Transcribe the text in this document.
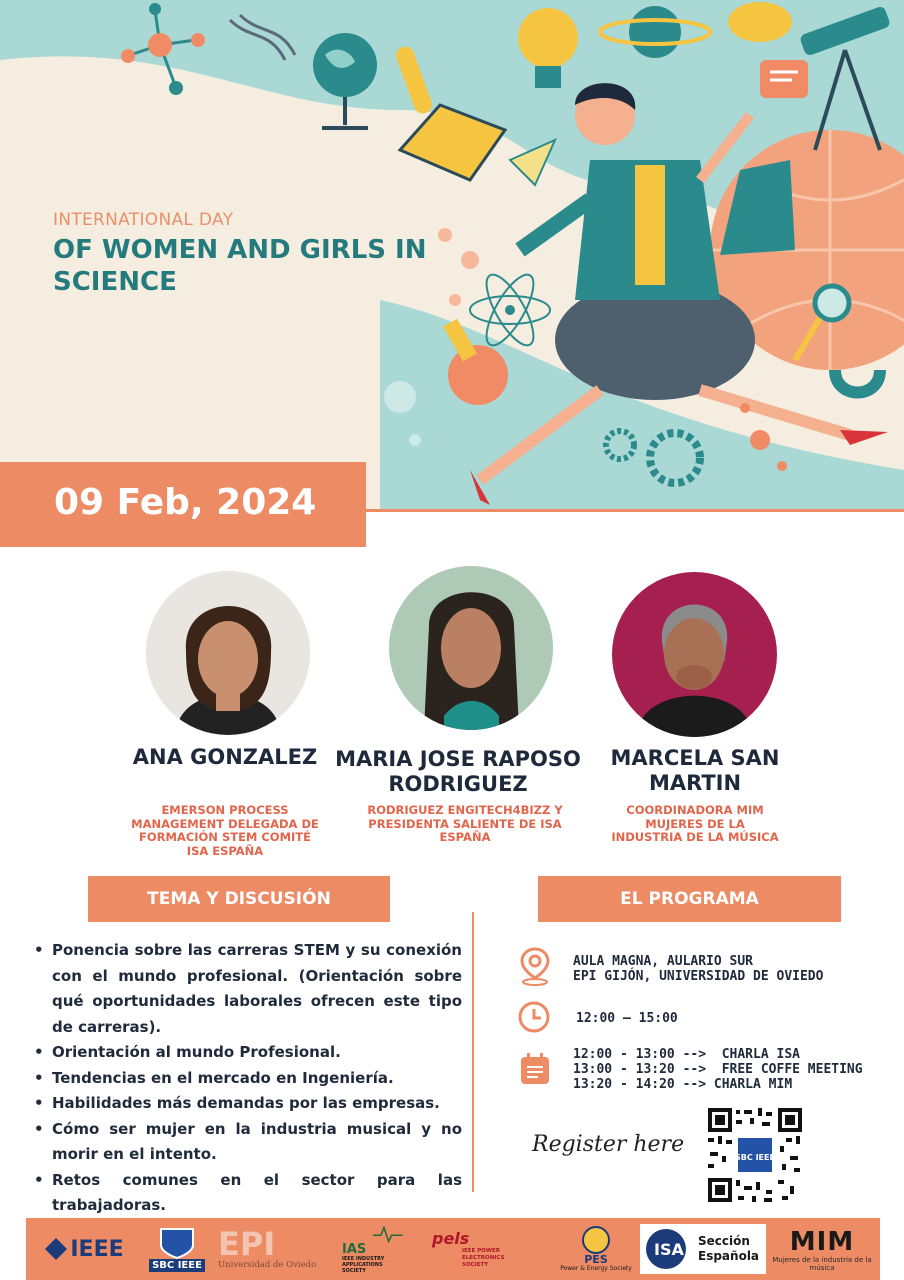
INTERNATIONAL DAY
OF WOMEN AND GIRLS IN SCIENCE
09 Feb, 2024
ANA GONZALEZ
EMERSON PROCESS MANAGEMENT DELEGADA DE FORMACIÓN STEM COMITÉ ISA ESPAÑA
MARIA JOSE RAPOSO RODRIGUEZ
RODRIGUEZ ENGITECH4BIZZ Y PRESIDENTA SALIENTE DE ISA ESPAÑA
MARCELA SAN MARTIN
COORDINADORA MIM MUJERES DE LA INDUSTRIA DE LA MÚSICA
TEMA Y DISCUSIÓN	EL PROGRAMA
• Ponencia sobre las carreras STEM y su conexión con el mundo profesional. (Orientación sobre qué oportunidades laborales ofrecen este tipo de carreras).
• Orientación al mundo Profesional.
• Tendencias en el mercado en Ingeniería.
• Habilidades más demandas por las empresas.
• Cómo ser mujer en la industria musical y no morir en el intento.
• Retos comunes en el sector para las trabajadoras.
AULA MAGNA, AULARIO SUR
EPI GIJÓN, UNIVERSIDAD DE OVIEDO
12:00 – 15:00
12:00 - 13:00 -->  CHARLA ISA
13:00 - 13:20 -->  FREE COFFE MEETING
13:20 - 14:20 --> CHARLA MIM
Register here
SBC IEEE
IEEE
SBC IEEE
EPI
Universidad de Oviedo
IAS
IEEE INDUSTRY APPLICATIONS SOCIETY
pels
IEEE POWER ELECTRONICS SOCIETY	PES
Power & Energy Society
ISA Sección Española MIM
Mujeres de la industria de la música
